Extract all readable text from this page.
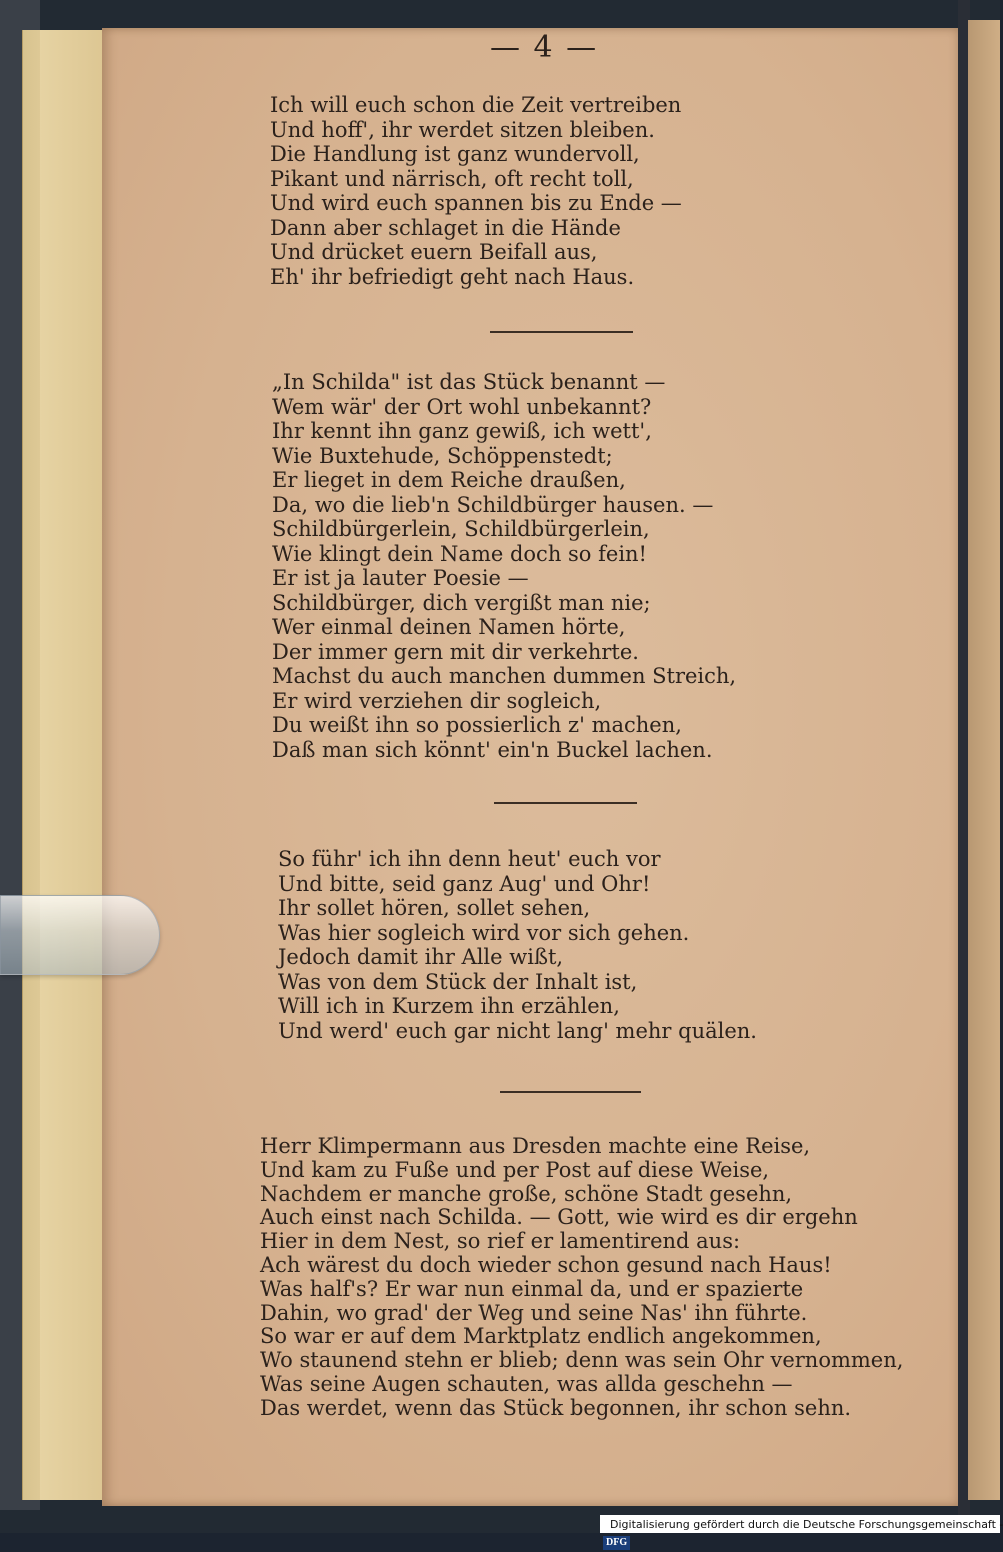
— 4 —
Ich will euch schon die Zeit vertreiben
Und hoff', ihr werdet sitzen bleiben.
Die Handlung ist ganz wundervoll,
Pikant und närrisch, oft recht toll,
Und wird euch spannen bis zu Ende —
Dann aber schlaget in die Hände
Und drücket euern Beifall aus,
Eh' ihr befriedigt geht nach Haus.
„In Schilda" ist das Stück benannt —
Wem wär' der Ort wohl unbekannt?
Ihr kennt ihn ganz gewiß, ich wett',
Wie Buxtehude, Schöppenstedt;
Er lieget in dem Reiche draußen,
Da, wo die lieb'n Schildbürger hausen. —
Schildbürgerlein, Schildbürgerlein,
Wie klingt dein Name doch so fein!
Er ist ja lauter Poesie —
Schildbürger, dich vergißt man nie;
Wer einmal deinen Namen hörte,
Der immer gern mit dir verkehrte.
Machst du auch manchen dummen Streich,
Er wird verziehen dir sogleich,
Du weißt ihn so possierlich z' machen,
Daß man sich könnt' ein'n Buckel lachen.
So führ' ich ihn denn heut' euch vor
Und bitte, seid ganz Aug' und Ohr!
Ihr sollet hören, sollet sehen,
Was hier sogleich wird vor sich gehen.
Jedoch damit ihr Alle wißt,
Was von dem Stück der Inhalt ist,
Will ich in Kurzem ihn erzählen,
Und werd' euch gar nicht lang' mehr quälen.
Herr Klimpermann aus Dresden machte eine Reise,
Und kam zu Fuße und per Post auf diese Weise,
Nachdem er manche große, schöne Stadt gesehn,
Auch einst nach Schilda. — Gott, wie wird es dir ergehn
Hier in dem Nest, so rief er lamentirend aus:
Ach wärest du doch wieder schon gesund nach Haus!
Was half's? Er war nun einmal da, und er spazierte
Dahin, wo grad' der Weg und seine Nas' ihn führte.
So war er auf dem Marktplatz endlich angekommen,
Wo staunend stehn er blieb; denn was sein Ohr vernommen,
Was seine Augen schauten, was allda geschehn —
Das werdet, wenn das Stück begonnen, ihr schon sehn.
Digitalisierung gefördert durch die Deutsche Forschungsgemeinschaft -DFG
